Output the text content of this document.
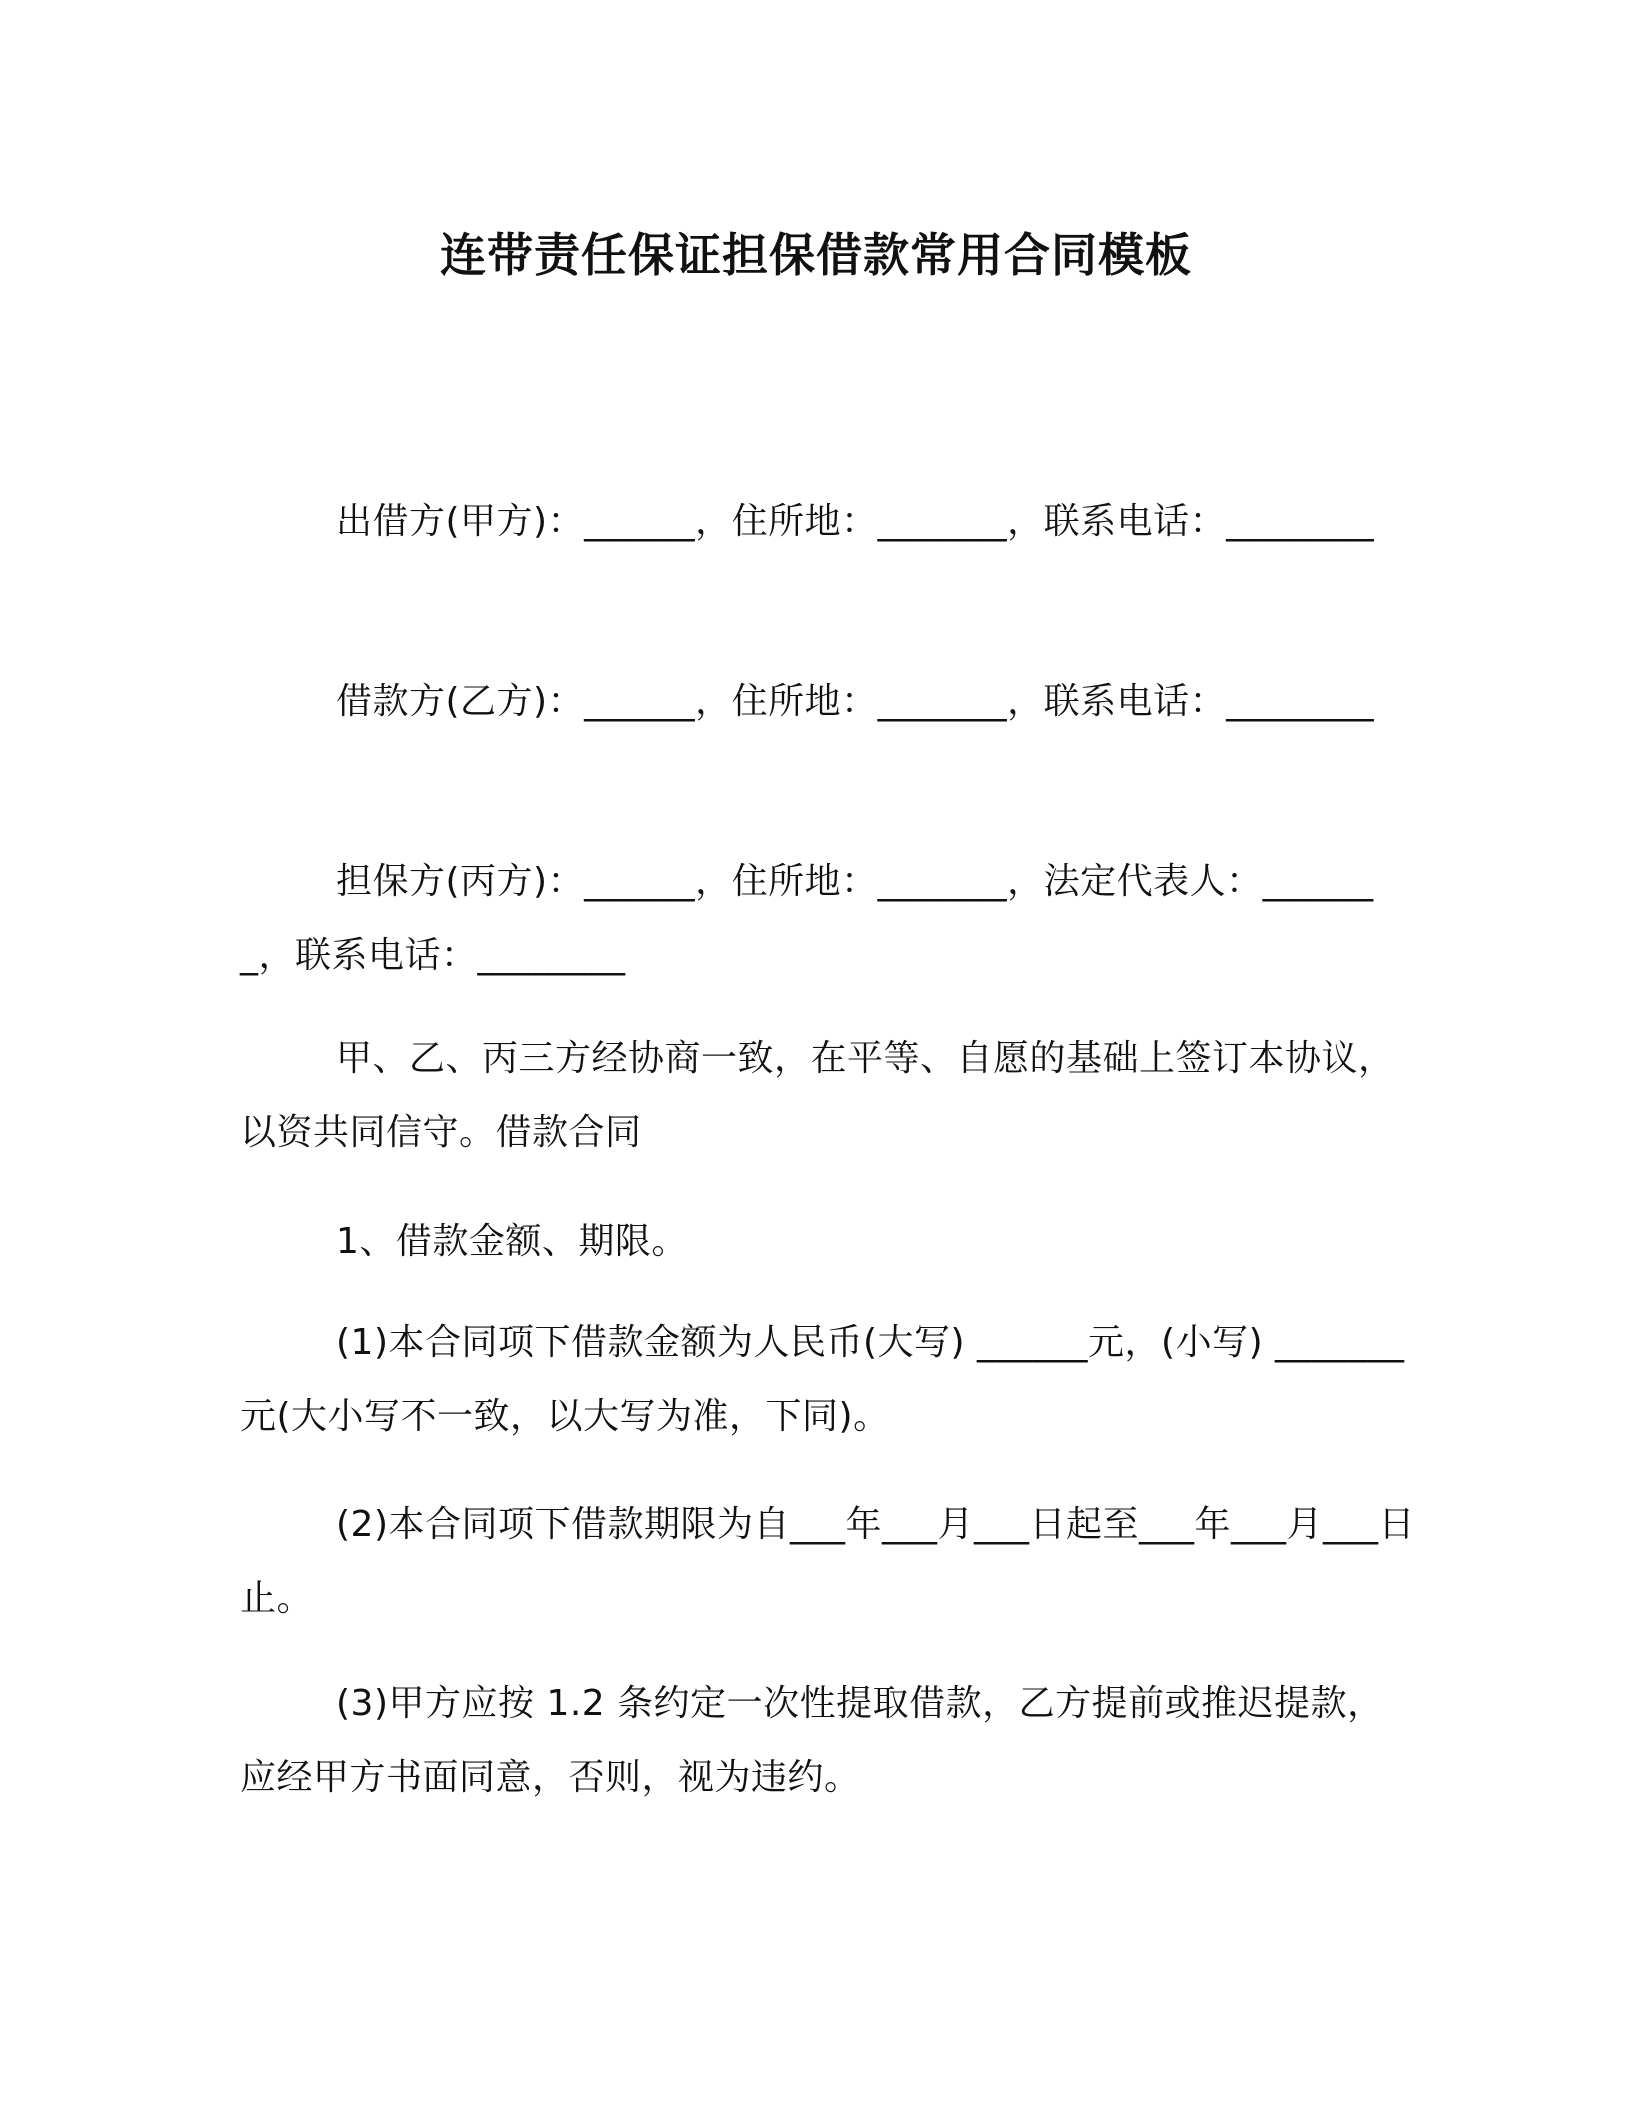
连带责任保证担保借款常用合同模板

出借方(甲方)：______，住所地：_______，联系电话：________

借款方(乙方)：______，住所地：_______，联系电话：________

担保方(丙方)：______，住所地：_______，法定代表人：_______，联系电话：________

甲、乙、丙三方经协商一致，在平等、自愿的基础上签订本协议，以资共同信守。借款合同

1、借款金额、期限。

(1)本合同项下借款金额为人民币(大写) ______元，(小写) _______元(大小写不一致，以大写为准，下同)。

(2)本合同项下借款期限为自___年___月___日起至___年___月___日止。

(3)甲方应按 1.2 条约定一次性提取借款，乙方提前或推迟提款，应经甲方书面同意，否则，视为违约。
